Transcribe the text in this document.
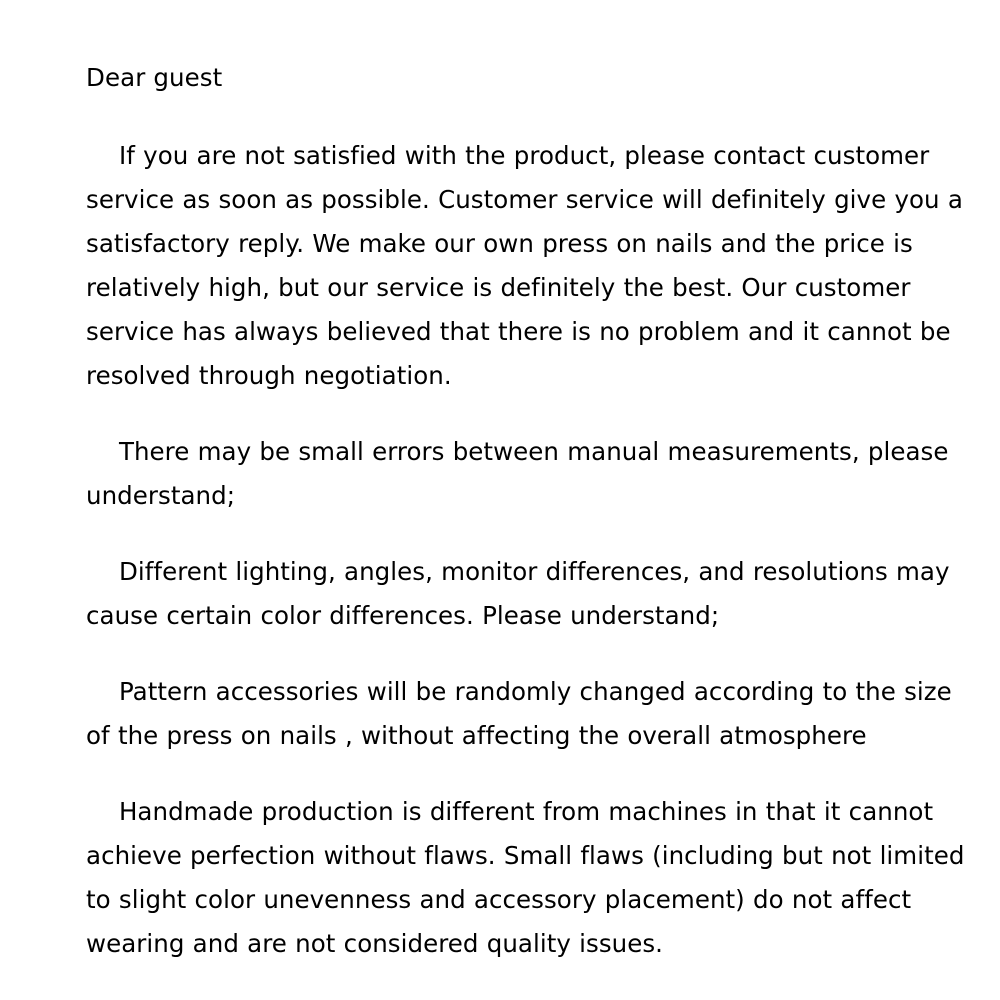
Dear guest

If you are not satisfied with the product, please contact customer service as soon as possible. Customer service will definitely give you a satisfactory reply. We make our own press on nails and the price is relatively high, but our service is definitely the best. Our customer service has always believed that there is no problem and it cannot be resolved through negotiation.

There may be small errors between manual measurements, please understand;

Different lighting, angles, monitor differences, and resolutions may cause certain color differences. Please understand;

Pattern accessories will be randomly changed according to the size of the press on nails , without affecting the overall atmosphere

Handmade production is different from machines in that it cannot achieve perfection without flaws. Small flaws (including but not limited to slight color unevenness and accessory placement) do not affect wearing and are not considered quality issues.
